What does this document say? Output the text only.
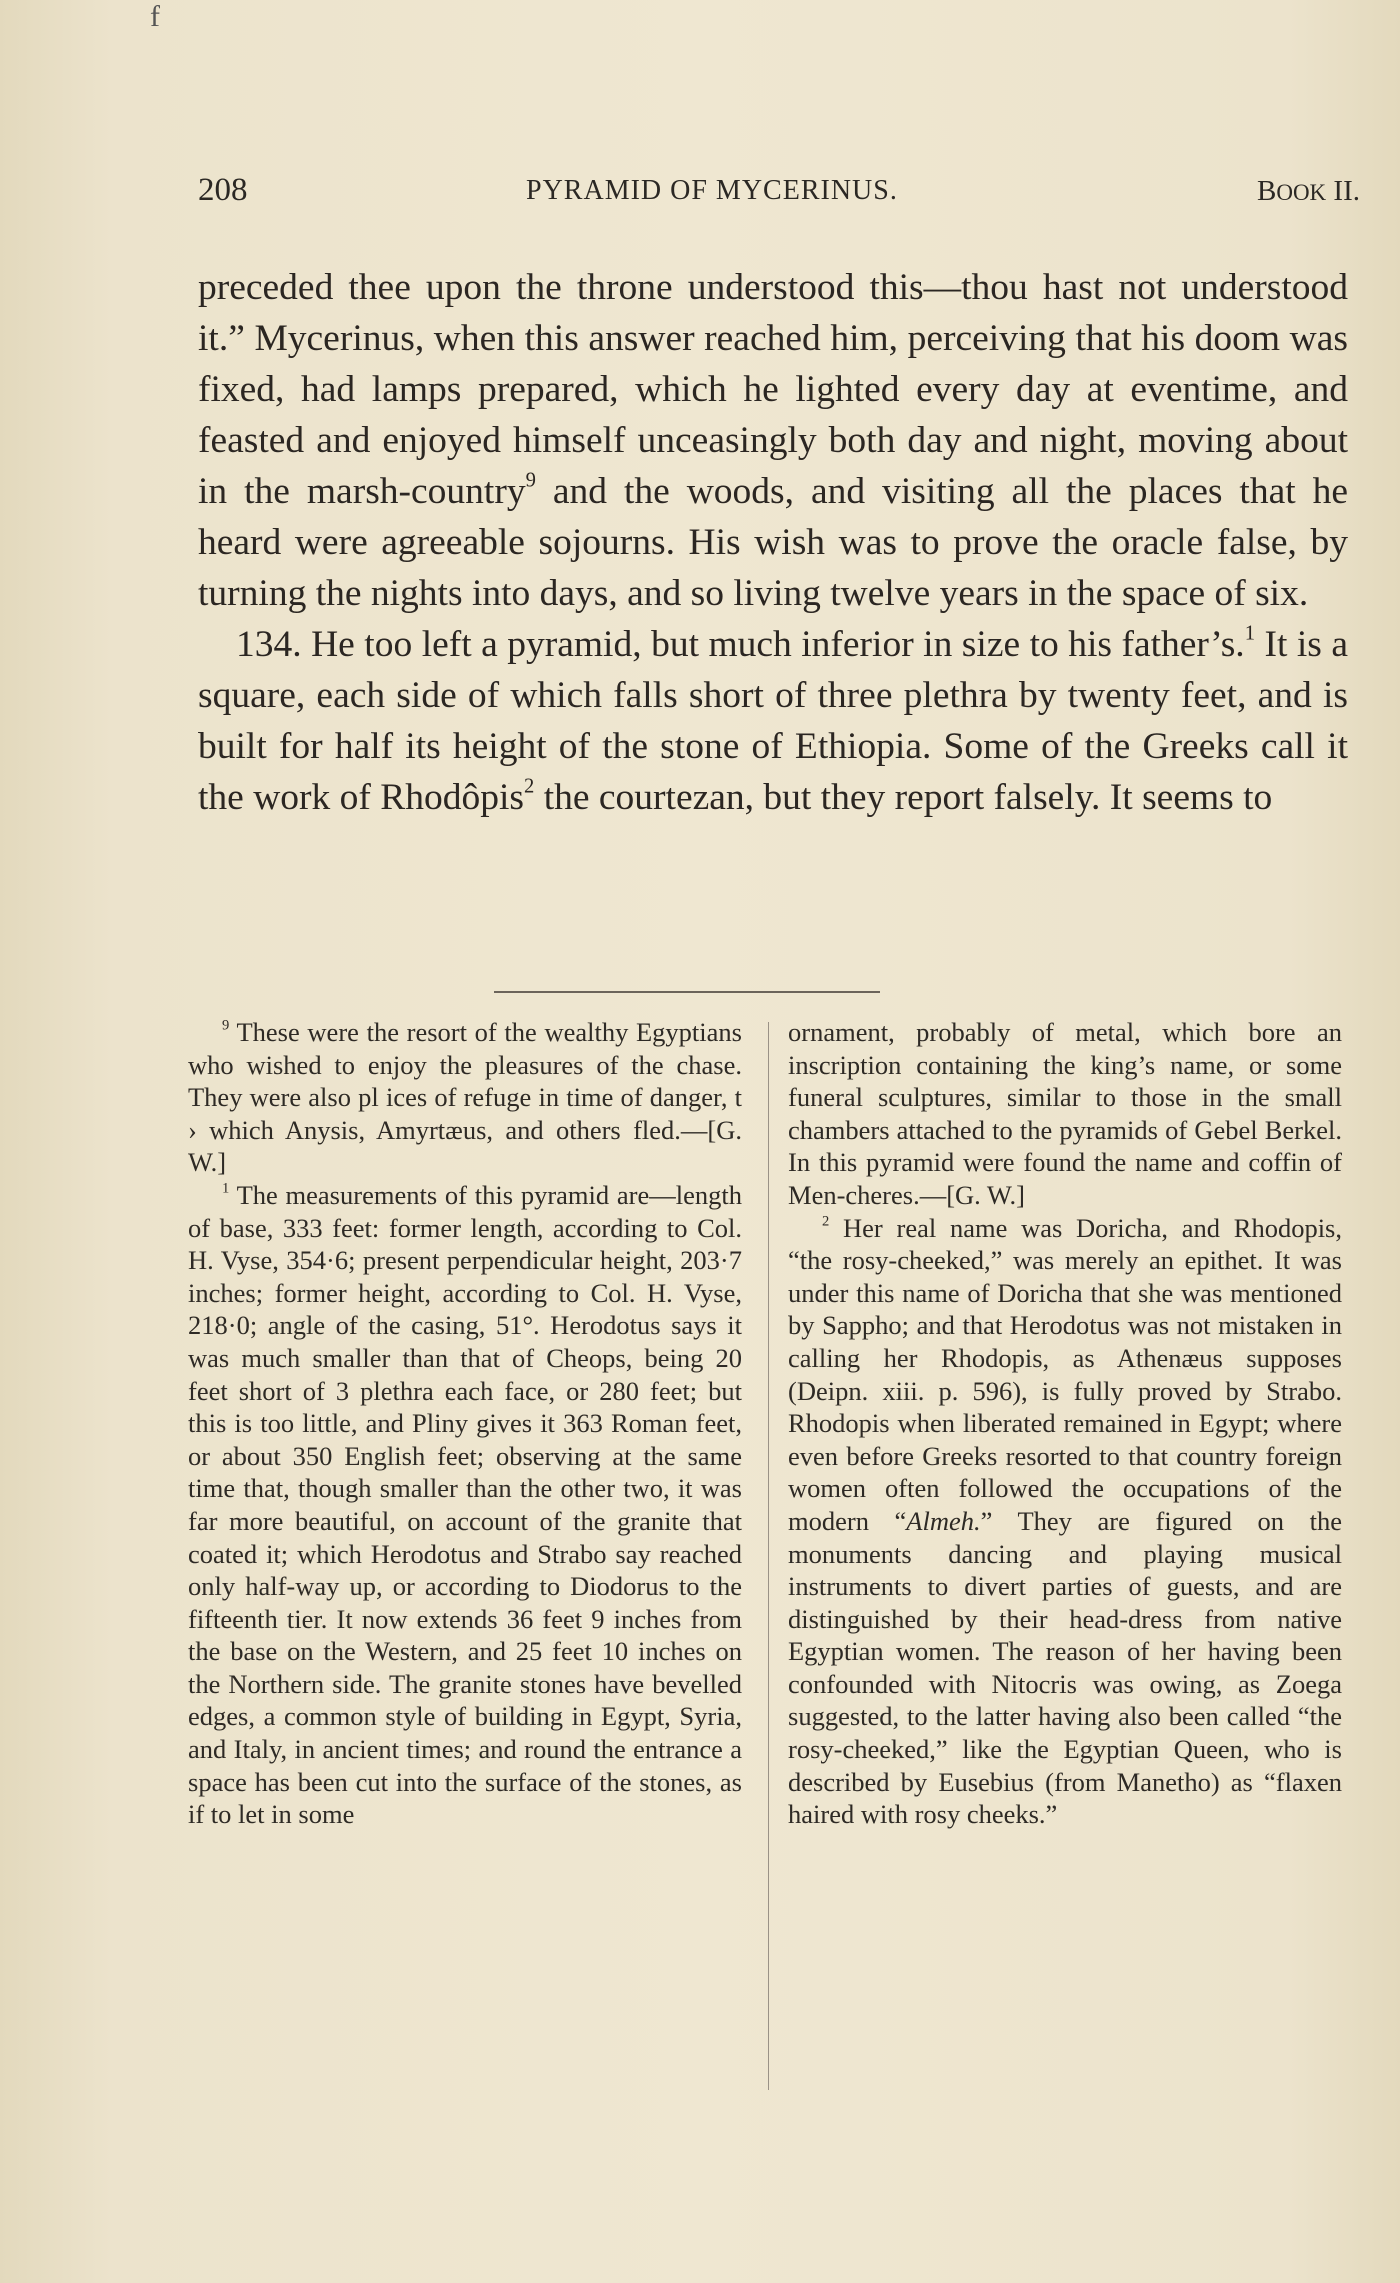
f
208	PYRAMID OF MYCERINUS.	BOOK II.

preceded thee upon the throne understood this—thou hast not understood it.” Mycerinus, when this answer reached him, perceiving that his doom was fixed, had lamps prepared, which he lighted every day at eventime, and feasted and enjoyed himself unceasingly both day and night, moving about in the marsh-country$^9$ and the woods, and visiting all the places that he heard were agreeable sojourns. His wish was to prove the oracle false, by turning the nights into days, and so living twelve years in the space of six.

134. He too left a pyramid, but much inferior in size to his father’s.$^1$ It is a square, each side of which falls short of three plethra by twenty feet, and is built for half its height of the stone of Ethiopia. Some of the Greeks call it the work of Rhodôpis$^2$ the courtezan, but they report falsely. It seems to

$^9$ These were the resort of the wealthy Egyptians who wished to enjoy the pleasures of the chase. They were also pl ices of refuge in time of danger, t › which Anysis, Amyrtæus, and others fled.—[G. W.]

$^1$ The measurements of this pyramid are—length of base, 333 feet: former length, according to Col. H. Vyse, 354·6; present perpendicular height, 203·7 inches; former height, according to Col. H. Vyse, 218·0; angle of the casing, 51°. Herodotus says it was much smaller than that of Cheops, being 20 feet short of 3 plethra each face, or 280 feet; but this is too little, and Pliny gives it 363 Roman feet, or about 350 English feet; observing at the same time that, though smaller than the other two, it was far more beautiful, on account of the granite that coated it; which Herodotus and Strabo say reached only half-way up, or according to Diodorus to the fifteenth tier. It now extends 36 feet 9 inches from the base on the Western, and 25 feet 10 inches on the Northern side. The granite stones have bevelled edges, a common style of building in Egypt, Syria, and Italy, in ancient times; and round the entrance a space has been cut into the surface of the stones, as if to let in some

ornament, probably of metal, which bore an inscription containing the king’s name, or some funeral sculptures, similar to those in the small chambers attached to the pyramids of Gebel Berkel. In this pyramid were found the name and coffin of Men-cheres.—[G. W.]

$^2$ Her real name was Doricha, and Rhodopis, “the rosy-cheeked,” was merely an epithet. It was under this name of Doricha that she was mentioned by Sappho; and that Herodotus was not mistaken in calling her Rhodopis, as Athenæus supposes (Deipn. xiii. p. 596), is fully proved by Strabo. Rhodopis when liberated remained in Egypt; where even before Greeks resorted to that country foreign women often followed the occupations of the modern “Almeh.” They are figured on the monuments dancing and playing musical instruments to divert parties of guests, and are distinguished by their head-dress from native Egyptian women. The reason of her having been confounded with Nitocris was owing, as Zoega suggested, to the latter having also been called “the rosy-cheeked,” like the Egyptian Queen, who is described by Eusebius (from Manetho) as “flaxen haired with rosy cheeks.”
